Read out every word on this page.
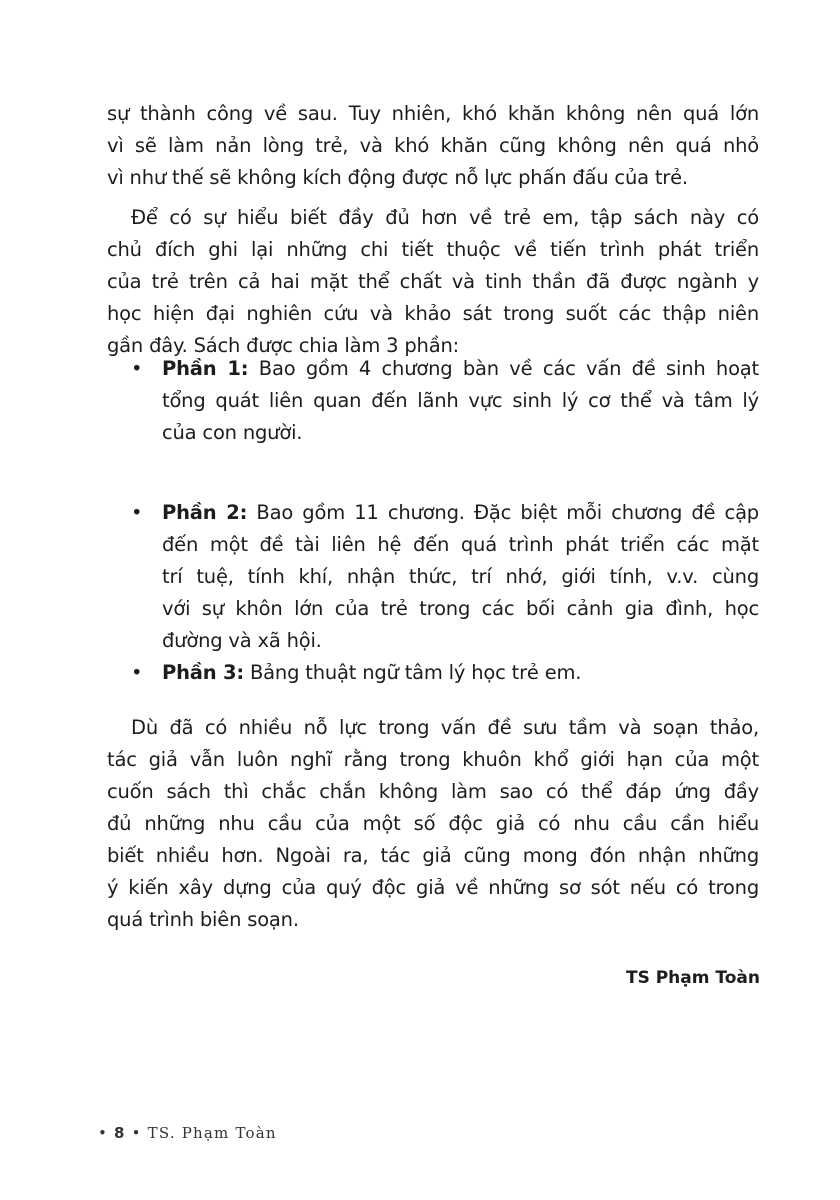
sự thành công về sau. Tuy nhiên, khó khăn không nên quá lớn
vì sẽ làm nản lòng trẻ, và khó khăn cũng không nên quá nhỏ
vì như thế sẽ không kích động được nỗ lực phấn đấu của trẻ.
Để có sự hiểu biết đầy đủ hơn về trẻ em, tập sách này có
chủ đích ghi lại những chi tiết thuộc về tiến trình phát triển
của trẻ trên cả hai mặt thể chất và tinh thần đã được ngành y
học hiện đại nghiên cứu và khảo sát trong suốt các thập niên
gần đây. Sách được chia làm 3 phần:
• Phần 1: Bao gồm 4 chương bàn về các vấn đề sinh hoạt
tổng quát liên quan đến lãnh vực sinh lý cơ thể và tâm lý
của con người.
• Phần 2: Bao gồm 11 chương. Đặc biệt mỗi chương đề cập
đến một đề tài liên hệ đến quá trình phát triển các mặt
trí tuệ, tính khí, nhận thức, trí nhớ, giới tính, v.v. cùng
với sự khôn lớn của trẻ trong các bối cảnh gia đình, học
đường và xã hội.
• Phần 3: Bảng thuật ngữ tâm lý học trẻ em.
Dù đã có nhiều nỗ lực trong vấn đề sưu tầm và soạn thảo,
tác giả vẫn luôn nghĩ rằng trong khuôn khổ giới hạn của một
cuốn sách thì chắc chắn không làm sao có thể đáp ứng đầy
đủ những nhu cầu của một số độc giả có nhu cầu cần hiểu
biết nhiều hơn. Ngoài ra, tác giả cũng mong đón nhận những
ý kiến xây dựng của quý độc giả về những sơ sót nếu có trong
quá trình biên soạn.
TS Phạm Toàn
• 8 • TS. Phạm Toàn
